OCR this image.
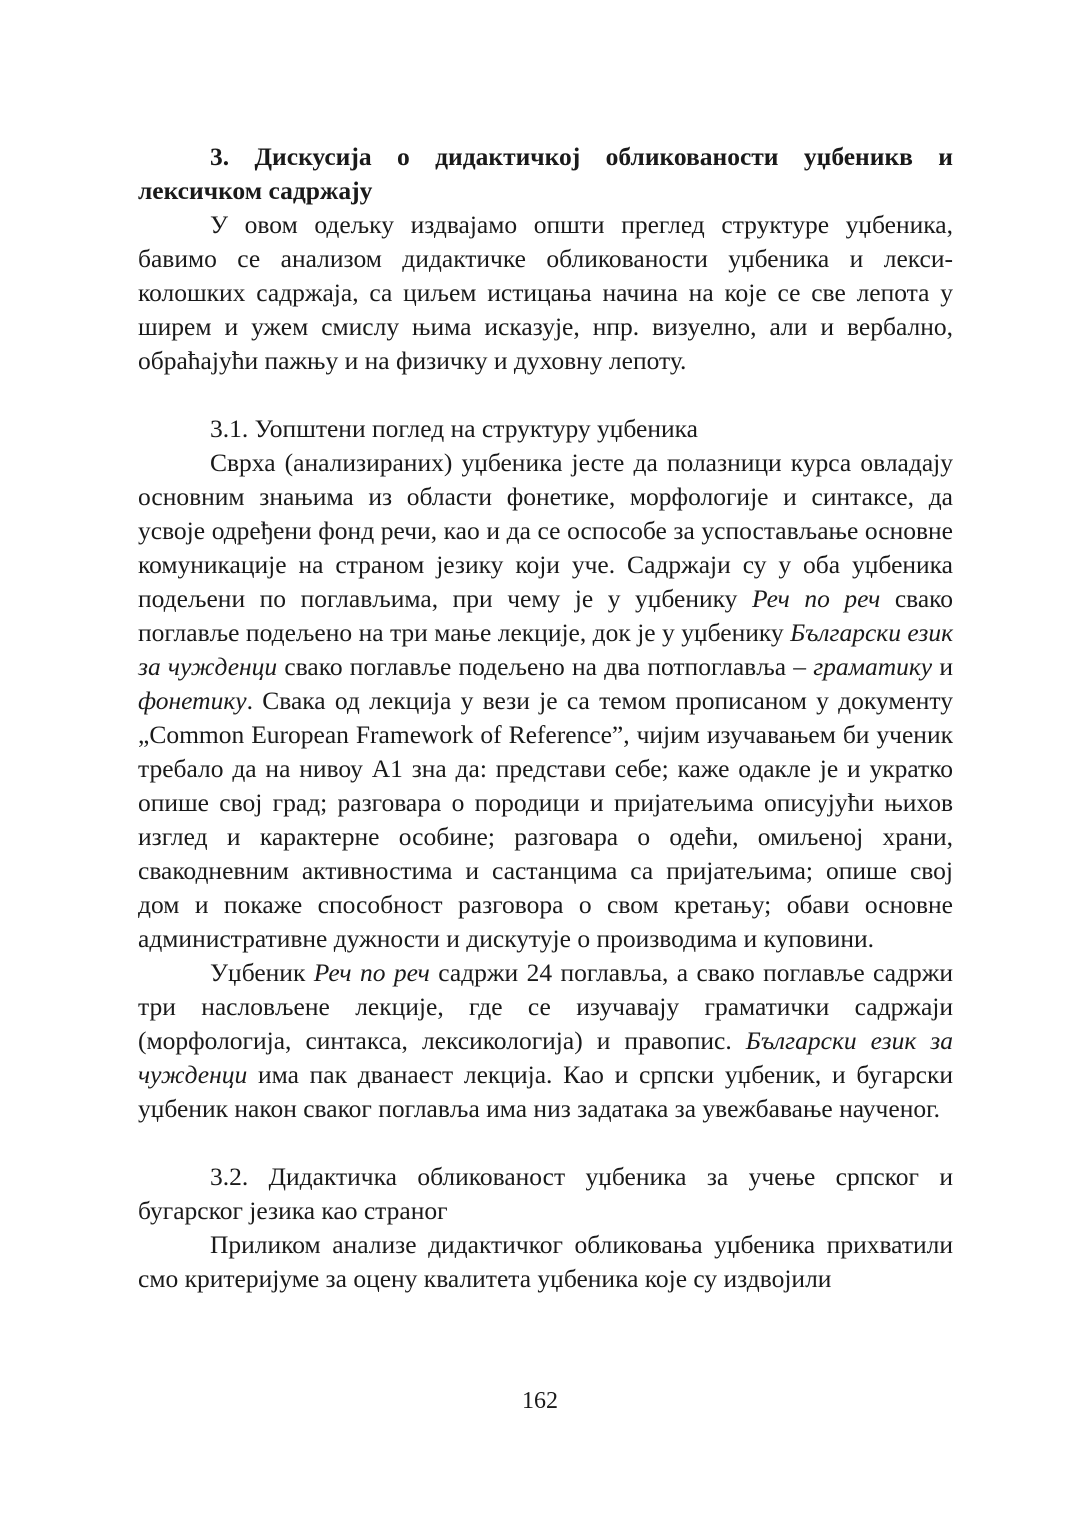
3. Дискусија о дидактичкој обликованости уџбеникв и лексичком садржају

У овом одељку издвајамо општи преглед структуре уџбеника, бавимо се анализом дидактичке обликованости уџбеника и лексиколошких садржаја, са циљем истицања начина на које се све лепота у ширем и ужем смислу њима исказује, нпр. визуелно, али и вербално, обраћајући пажњу и на физичку и духовну лепоту.

3.1. Уопштени поглед на структуру уџбеника

Сврха (анализираних) уџбеника јесте да полазници курса овладају основним знањима из области фонетике, морфологије и синтаксе, да усвоје одређени фонд речи, као и да се оспособе за успостављање основне комуникације на страном језику који уче. Садржаји су у оба уџбеника подељени по поглављима, при чему је у уџбенику Реч по реч свако поглавље подељено на три мање лекције, док је у уџбенику Български език за чужденци свако поглавље подељено на два потпоглавља – граматику и фонетику. Свака од лекција у вези је са темом прописаном у документу „Common European Framework of Reference”, чијим изучавањем би ученик требало да на нивоу А1 зна да: представи себе; каже одакле је и укратко опише свој град; разговара о породици и пријатељима описујући њихов изглед и карактерне особине; разговара о одећи, омиљеној храни, свакодневним активностима и састанцима са пријатељима; опише свој дом и покаже способност разговора о свом кретању; обави основне административне дужности и дискутује о производима и куповини.

Уџбеник Реч по реч садржи 24 поглавља, а свако поглавље садржи три насловљене лекције, где се изучавају граматички садржаји (морфологија, синтакса, лексикологија) и правопис. Български език за чужденци има пак дванаест лекција. Као и српски уџбеник, и бугарски уџбеник након сваког поглавља има низ задатака за увежбавање наученог.

3.2. Дидактичка обликованост уџбеника за учење српског и бугарског језика као страног

Приликом анализе дидактичког обликовања уџбеника прихватили смо критеријуме за оцену квалитета уџбеника које су издвојили

162
